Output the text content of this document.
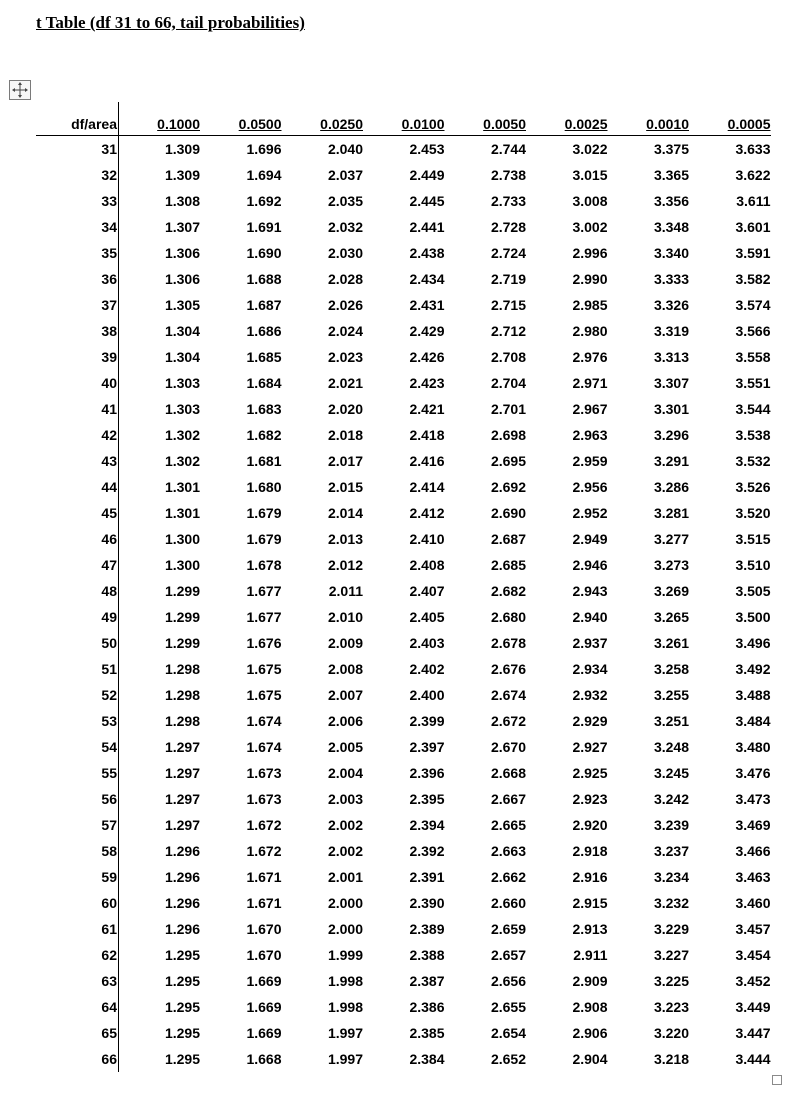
t Table (df 31 to 66, tail probabilities)
df/area	0.1000	0.0500	0.0250	0.0100	0.0050	0.0025	0.0010	0.0005
31	1.309	1.696	2.040	2.453	2.744	3.022	3.375	3.633
32	1.309	1.694	2.037	2.449	2.738	3.015	3.365	3.622
33	1.308	1.692	2.035	2.445	2.733	3.008	3.356	3.611
34	1.307	1.691	2.032	2.441	2.728	3.002	3.348	3.601
35	1.306	1.690	2.030	2.438	2.724	2.996	3.340	3.591
36	1.306	1.688	2.028	2.434	2.719	2.990	3.333	3.582
37	1.305	1.687	2.026	2.431	2.715	2.985	3.326	3.574
38	1.304	1.686	2.024	2.429	2.712	2.980	3.319	3.566
39	1.304	1.685	2.023	2.426	2.708	2.976	3.313	3.558
40	1.303	1.684	2.021	2.423	2.704	2.971	3.307	3.551
41	1.303	1.683	2.020	2.421	2.701	2.967	3.301	3.544
42	1.302	1.682	2.018	2.418	2.698	2.963	3.296	3.538
43	1.302	1.681	2.017	2.416	2.695	2.959	3.291	3.532
44	1.301	1.680	2.015	2.414	2.692	2.956	3.286	3.526
45	1.301	1.679	2.014	2.412	2.690	2.952	3.281	3.520
46	1.300	1.679	2.013	2.410	2.687	2.949	3.277	3.515
47	1.300	1.678	2.012	2.408	2.685	2.946	3.273	3.510
48	1.299	1.677	2.011	2.407	2.682	2.943	3.269	3.505
49	1.299	1.677	2.010	2.405	2.680	2.940	3.265	3.500
50	1.299	1.676	2.009	2.403	2.678	2.937	3.261	3.496
51	1.298	1.675	2.008	2.402	2.676	2.934	3.258	3.492
52	1.298	1.675	2.007	2.400	2.674	2.932	3.255	3.488
53	1.298	1.674	2.006	2.399	2.672	2.929	3.251	3.484
54	1.297	1.674	2.005	2.397	2.670	2.927	3.248	3.480
55	1.297	1.673	2.004	2.396	2.668	2.925	3.245	3.476
56	1.297	1.673	2.003	2.395	2.667	2.923	3.242	3.473
57	1.297	1.672	2.002	2.394	2.665	2.920	3.239	3.469
58	1.296	1.672	2.002	2.392	2.663	2.918	3.237	3.466
59	1.296	1.671	2.001	2.391	2.662	2.916	3.234	3.463
60	1.296	1.671	2.000	2.390	2.660	2.915	3.232	3.460
61	1.296	1.670	2.000	2.389	2.659	2.913	3.229	3.457
62	1.295	1.670	1.999	2.388	2.657	2.911	3.227	3.454
63	1.295	1.669	1.998	2.387	2.656	2.909	3.225	3.452
64	1.295	1.669	1.998	2.386	2.655	2.908	3.223	3.449
65	1.295	1.669	1.997	2.385	2.654	2.906	3.220	3.447
66	1.295	1.668	1.997	2.384	2.652	2.904	3.218	3.444
